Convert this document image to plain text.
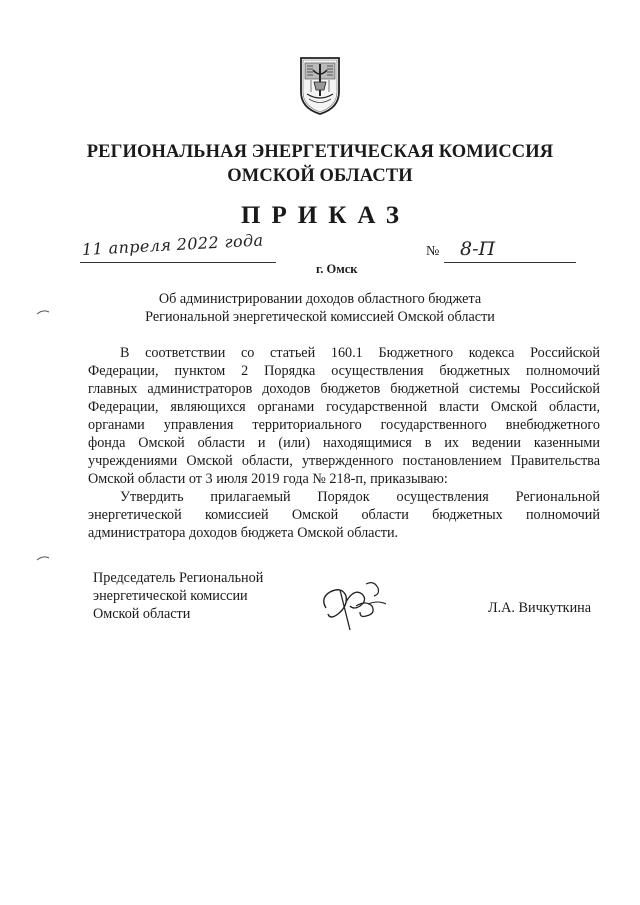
РЕГИОНАЛЬНАЯ ЭНЕРГЕТИЧЕСКАЯ КОМИССИЯ
ОМСКОЙ ОБЛАСТИ
ПРИКАЗ
11 апреля 2022 года	№ 8-П
г. Омск
Об администрировании доходов областного бюджета
Региональной энергетической комиссией Омской области
В соответствии со статьей 160.1 Бюджетного кодекса Российской
Федерации, пунктом 2 Порядка осуществления бюджетных полномочий
главных администраторов доходов бюджетов бюджетной системы Российской
Федерации, являющихся органами государственной власти Омской области,
органами управления территориального государственного внебюджетного
фонда Омской области и (или) находящимися в их ведении казенными
учреждениями Омской области, утвержденного постановлением Правительства
Омской области от 3 июля 2019 года № 218-п, приказываю:
Утвердить прилагаемый Порядок осуществления Региональной
энергетической комиссией Омской области бюджетных полномочий
администратора доходов бюджета Омской области.
Председатель Региональной
энергетической комиссии
Омской области	Л.А. Вичкуткина
